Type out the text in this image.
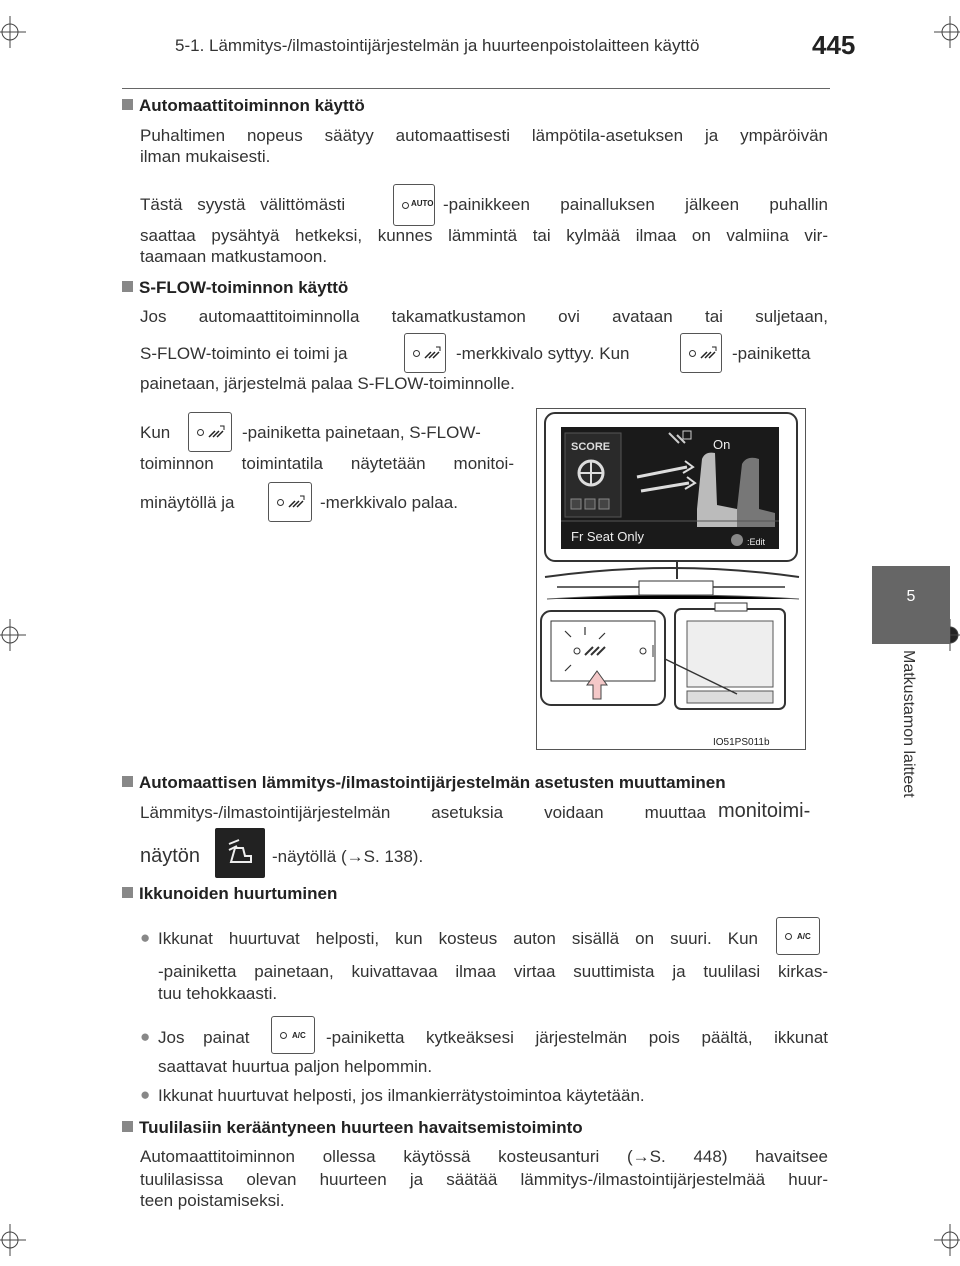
5-1. Lämmitys-/ilmastointijärjestelmän ja huurteenpoistolaitteen käyttö	445
5
Matkustamon laitteet
Automaattitoiminnon käyttö
Puhaltimen nopeus säätyy automaattisesti lämpötila-asetuksen ja ympäröivän
ilman mukaisesti.
Tästä syystä välittömästi	AUTO -painikkeen painalluksen jälkeen puhallin
saattaa pysähtyä hetkeksi, kunnes lämmintä tai kylmää ilmaa on valmiina vir-
taamaan matkustamoon.
S-FLOW-toiminnon käyttö
Jos automaattitoiminnolla takamatkustamon ovi avataan tai suljetaan,
S-FLOW-toiminto ei toimi ja	-merkkivalo syttyy. Kun	-painiketta
painetaan, järjestelmä palaa S-FLOW-toiminnolle.
Kun	-painiketta painetaan, S-FLOW-
toiminnon toimintatila näytetään monitoi-
minäytöllä ja	-merkkivalo palaa.

SCORE	On
Fr Seat Only	:Edit
IO51PS011b
Automaattisen lämmitys-/ilmastointijärjestelmän asetusten muuttaminen
Lämmitys-/ilmastointijärjestelmän asetuksia voidaan muuttaa monitoimi-
näytön	-näytöllä (→S. 138).
Ikkunoiden huurtuminen
● Ikkunat huurtuvat helposti, kun kosteus auton sisällä on suuri. Kun	A/C
-painiketta painetaan, kuivattavaa ilmaa virtaa suuttimista ja tuulilasi kirkas-
tuu tehokkaasti.
● Jos painat	A/C -painiketta kytkeäksesi järjestelmän pois päältä, ikkunat
saattavat huurtua paljon helpommin.
● Ikkunat huurtuvat helposti, jos ilmankierrätystoimintoa käytetään.
Tuulilasiin kerääntyneen huurteen havaitsemistoiminto
Automaattitoiminnon ollessa käytössä kosteusanturi (→S. 448) havaitsee
tuulilasissa olevan huurteen ja säätää lämmitys-/ilmastointijärjestelmää huur-
teen poistamiseksi.
